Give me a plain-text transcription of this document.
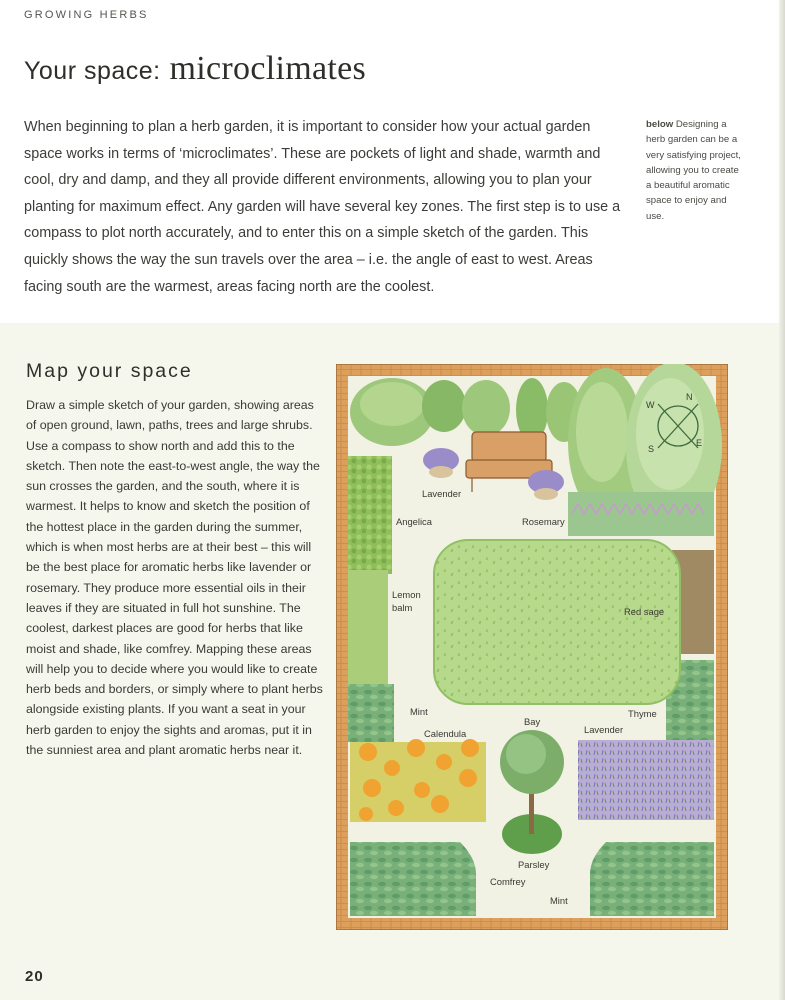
GROWING HERBS
Your space: microclimates

When beginning to plan a herb garden, it is important to consider how your actual garden space works in terms of ‘microclimates’. These are pockets of light and shade, warmth and cool, dry and damp, and they all provide different environments, allowing you to plan your planting for maximum effect. Any garden will have several key zones. The first step is to use a compass to plot north accurately, and to enter this on a simple sketch of the garden. This quickly shows the way the sun travels over the area – i.e. the angle of east to west. Areas facing south are the warmest, areas facing north are the coolest.

below Designing a herb garden can be a very satisfying project, allowing you to create a beautiful aromatic space to enjoy and use.

Map your space

Draw a simple sketch of your garden, showing areas of open ground, lawn, paths, trees and large shrubs. Use a compass to show north and add this to the sketch. Then note the east-to-west angle, the way the sun crosses the garden, and the south, where it is warmest. It helps to know and sketch the position of the hottest place in the garden during the summer, which is when most herbs are at their best – this will be the best place for aromatic herbs like lavender or rosemary. They produce more essential oils in their leaves if they are situated in full hot sunshine. The coolest, darkest places are good for herbs that like moist and shade, like comfrey. Mapping these areas will help you to decide where you would like to create herb beds and borders, or simply where to plant herbs alongside existing plants. If you want a seat in your herb garden to enjoy the sights and aromas, put it in the sunniest area and plant aromatic herbs near it.

Lavender
N
W
E
S
Angelica	Rosemary
Lemon
balm	Red sage
Mint	Thyme
Bay
Calendula	Lavender
Parsley
Comfrey
Mint
20
